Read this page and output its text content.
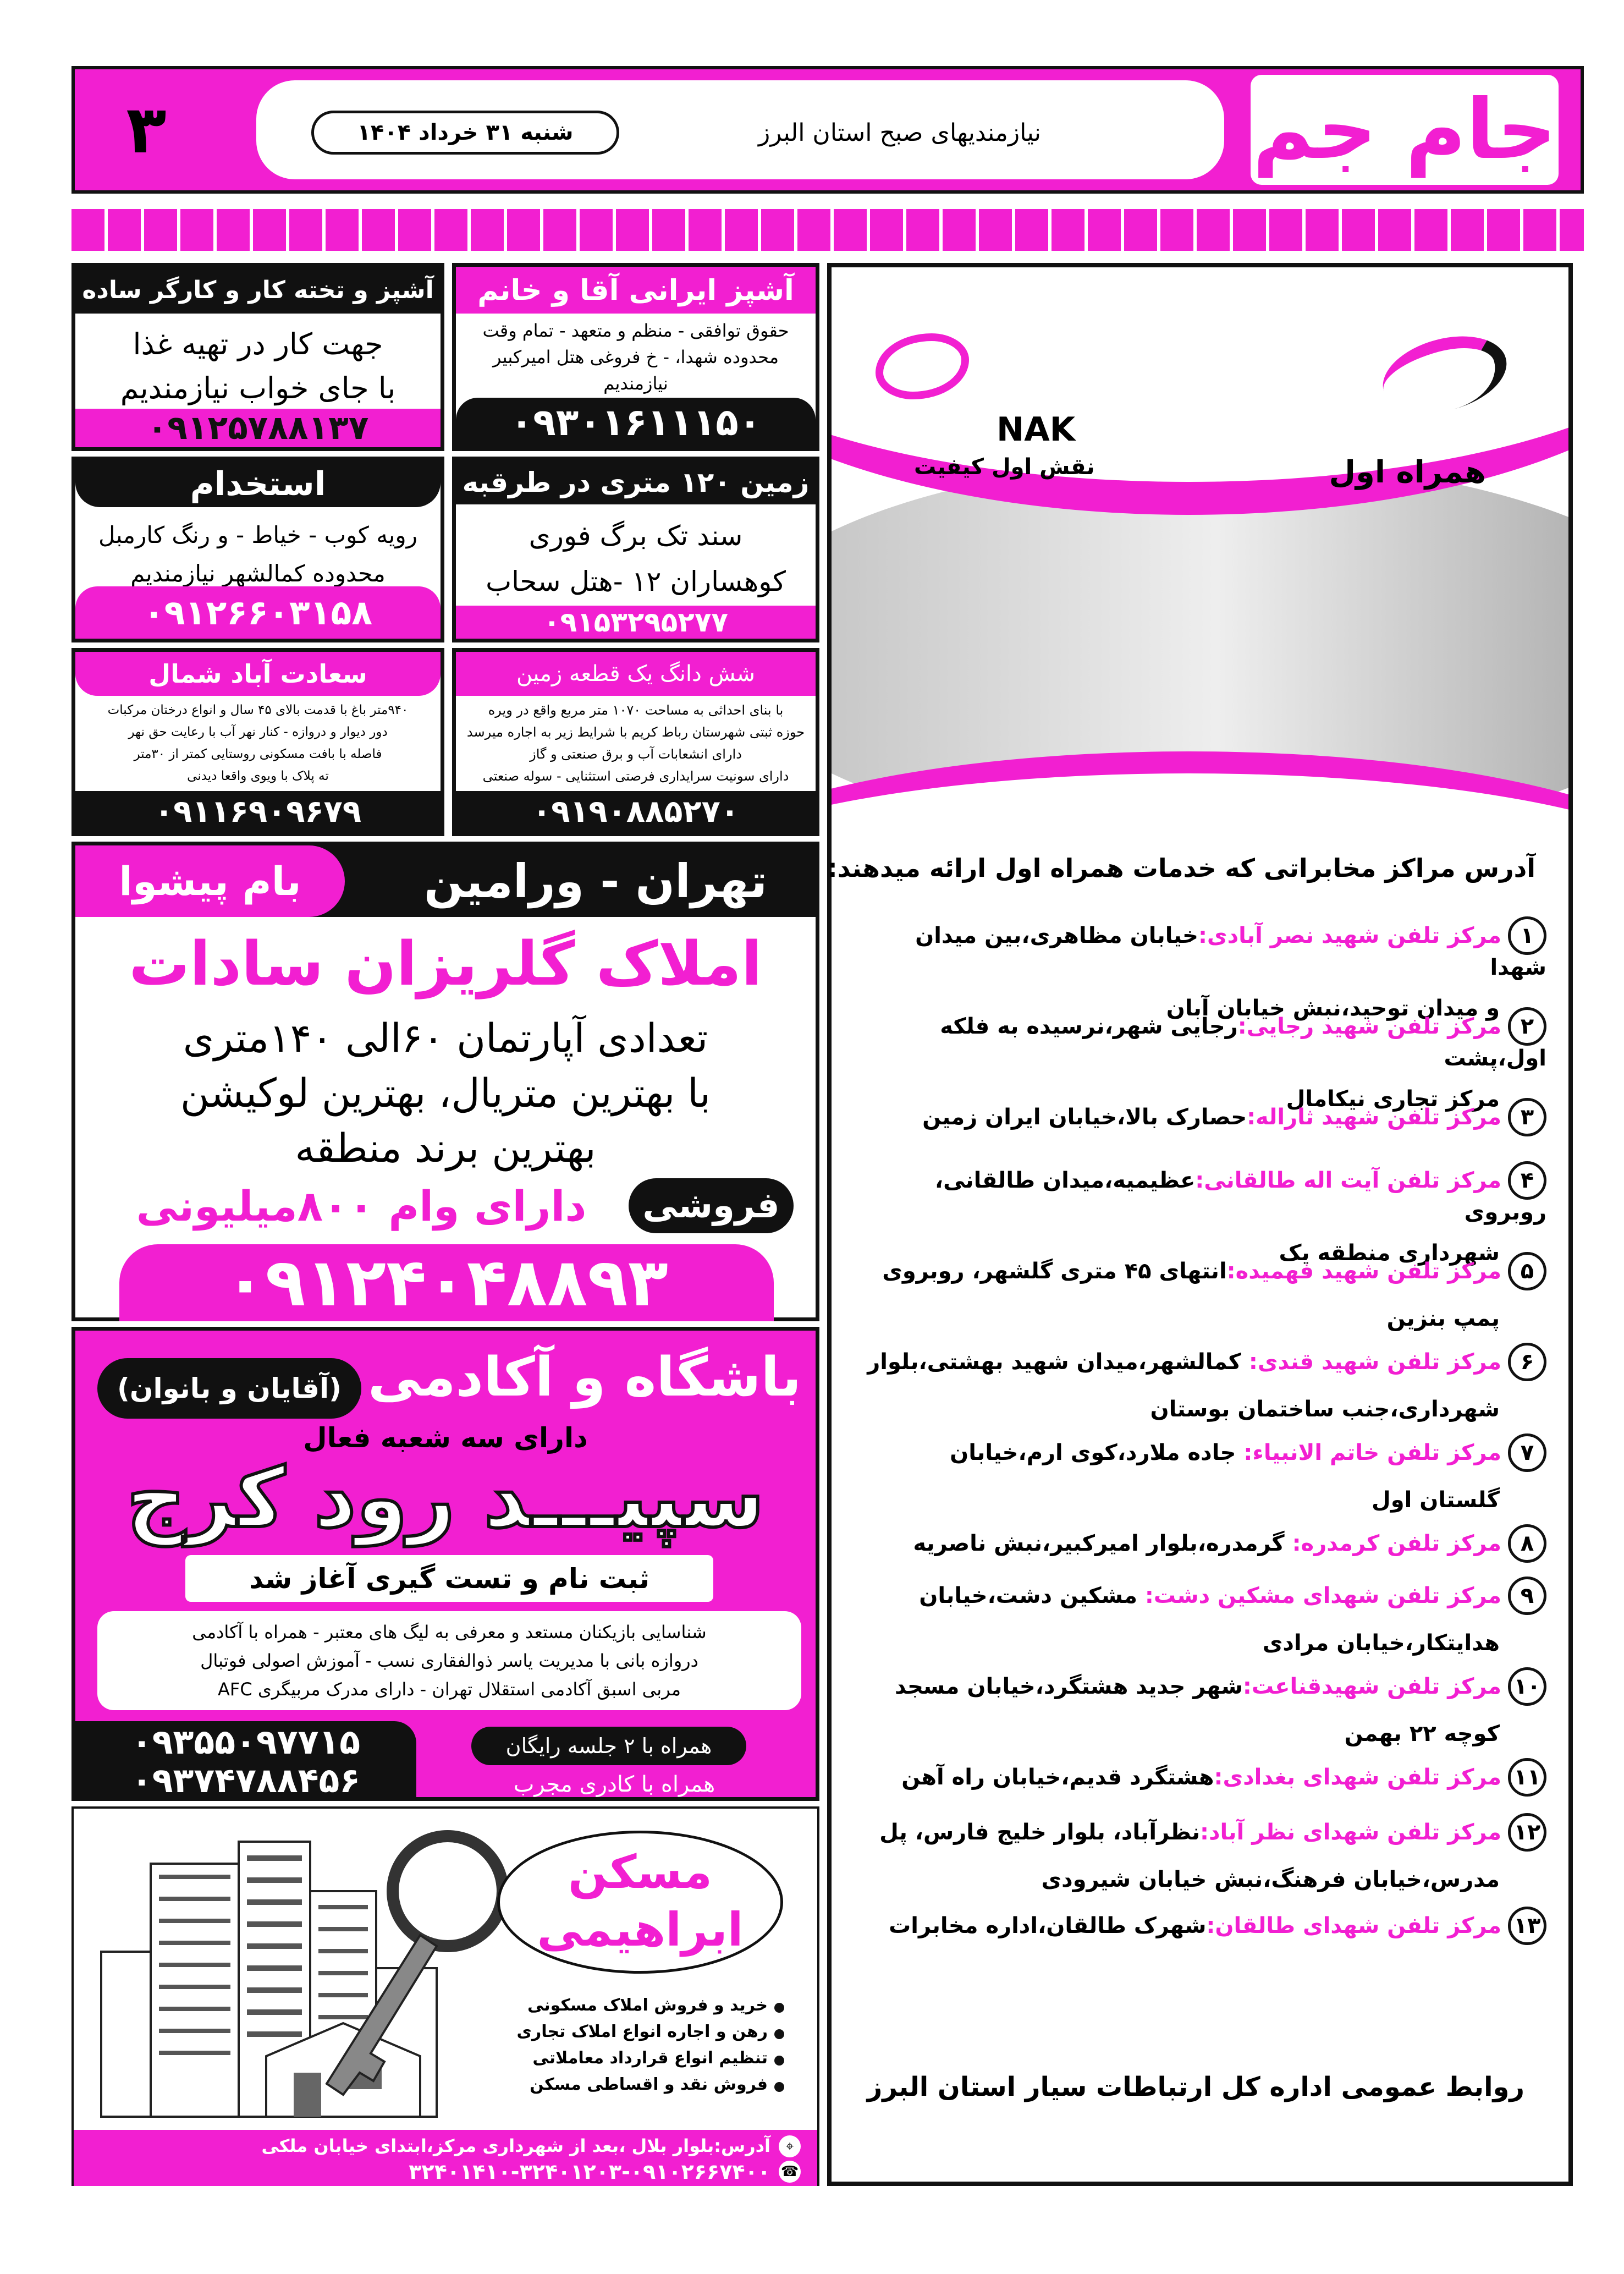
۳	جام جم
شنبه ۳۱ خرداد ۱۴۰۴	نیازمندیهای صبح استان البرز
آشپز ایرانی آقا و خانم
حقوق توافقی - منظم و متعهد - تمام وقت
محدوده شهدا، - خ فروغی هتل امیرکبیر
نیازمندیم
۰۹۳۰۱۶۱۱۱۵۰
آشپز و تخته کار و کارگر ساده
جهت کار در تهیه غذا
با جای خواب نیازمندیم
۰۹۱۲۵۷۸۸۱۳۷
زمین ۱۲۰ متری در طرقبه
سند تک برگ فوری
کوهساران ۱۲ -هتل سحاب
۰۹۱۵۳۲۹۵۲۷۷
استخدام
رویه کوب - خیاط - و رنگ کارمبل
محدوده کمالشهر نیازمندیم
۰۹۱۲۶۶۰۳۱۵۸
شش دانگ یک قطعه زمین
با بنای احداثی به مساحت ۱۰۷۰ متر مربع واقع در ویره
حوزه ثبتی شهرستان رباط کریم با شرایط زیر به اجاره میرسد
دارای انشعابات آب و برق صنعتی و گاز
دارای سونیت سرایداری فرصتی استثنایی - سوله صنعتی
۰۹۱۹۰۸۸۵۲۷۰
سعادت آباد شمال
۹۴۰متر باغ با قدمت بالای ۴۵ سال و انواع درختان مرکبات
دور دیوار و دروازه - کنار نهر آب با رعایت حق نهر
فاصله با بافت مسکونی روستایی کمتر از ۳۰متر
ته پلاک با ویوی واقعا دیدنی
۰۹۱۱۶۹۰۹۶۷۹
تهران - ورامین
بام پیشوا
املاک گلریزان سادات
تعدادی آپارتمان ۶۰الی ۱۴۰متری
با بهترین متریال، بهترین لوکیشن
بهترین برند منطقه
فروشی
دارای وام ۸۰۰میلیونی
۰۹۱۲۴۰۴۸۸۹۳
باشگاه و آکادمی
(آقایان و بانوان)
دارای سه شعبه فعال
سپیـــد رود کرج
ثبت نام و تست گیری آغاز شد
شناسایی بازیکنان مستعد و معرفی به لیگ های معتبر - همراه با آکادمی
دروازه بانی با مدیریت یاسر ذوالفقاری نسب - آموزش اصولی فوتبال
مربی اسبق آکادمی استقلال تهران - دارای مدرک مربیگری AFC
۰۹۳۵۵۰۹۷۷۱۵
۰۹۳۷۴۷۸۸۴۵۶
همراه با ۲ جلسه رایگان
همراه با کادری مجرب
مسکن
ابراهیمی
خرید و فروش املاک مسکونی
رهن و اجاره انواع املاک تجاری
تنظیم انواع قرارداد معاملاتی
فروش نقد و اقساطی مسکن
⌖
آدرس:بلوار بلال ،بعد از شهرداری مرکز،ابتدای خیابان ملکی
☎
۳۲۴۰۱۴۱۰-۳۲۴۰۱۲۰۳-۰۹۱۰۲۶۶۷۴۰۰
NAK
نقش اول کیفیت	همراه اول
آدرس مراکز مخابراتی که خدمات همراه اول ارائه میدهند:
۱مرکز تلفن شهید نصر آبادی:خیابان مظاهری،بین میدان شهدا
و میدان توحید،نبش خیابان آبان
۲مرکز تلفن شهید رجایی:رجایی شهر،نرسیده به فلکه اول،پشت
مرکز تجاری نیکامال
۳مرکز تلفن شهید ثاراله:حصارک بالا،خیابان ایران زمین
۴مرکز تلفن آیت اله طالقانی:عظیمیه،میدان طالقانی، روبروی
شهرداری منطقه یک
۵مرکز تلفن شهید فهمیده:انتهای ۴۵ متری گلشهر، روبروی
پمپ بنزین
۶مرکز تلفن شهید قندی: کمالشهر،میدان شهید بهشتی،بلوار
شهرداری،جنب ساختمان بوستان
۷مرکز تلفن خاتم الانبیاء: جاده ملارد،کوی ارم،خیابان
گلستان اول
۸مرکز تلفن کرمدره: گرمدره،بلوار امیرکبیر،نبش ناصریه
۹مرکز تلفن شهدای مشکین دشت: مشکین دشت،خیابان
هدایتکار،خیابان مرادی
۱۰مرکز تلفن شهیدقناعت:شهر جدید هشتگرد،خیابان مسجد
کوچه ۲۲ بهمن
۱۱مرکز تلفن شهدای بغدادی:هشتگرد قدیم،خیابان راه آهن
۱۲مرکز تلفن شهدای نظر آباد:نظرآباد، بلوار خلیج فارس، پل
مدرس،خیابان فرهنگ،نبش خیابان شیرودی
۱۳مرکز تلفن شهدای طالقان:شهرک طالقان،اداره مخابرات
روابط عمومی اداره کل ارتباطات سیار استان البرز
